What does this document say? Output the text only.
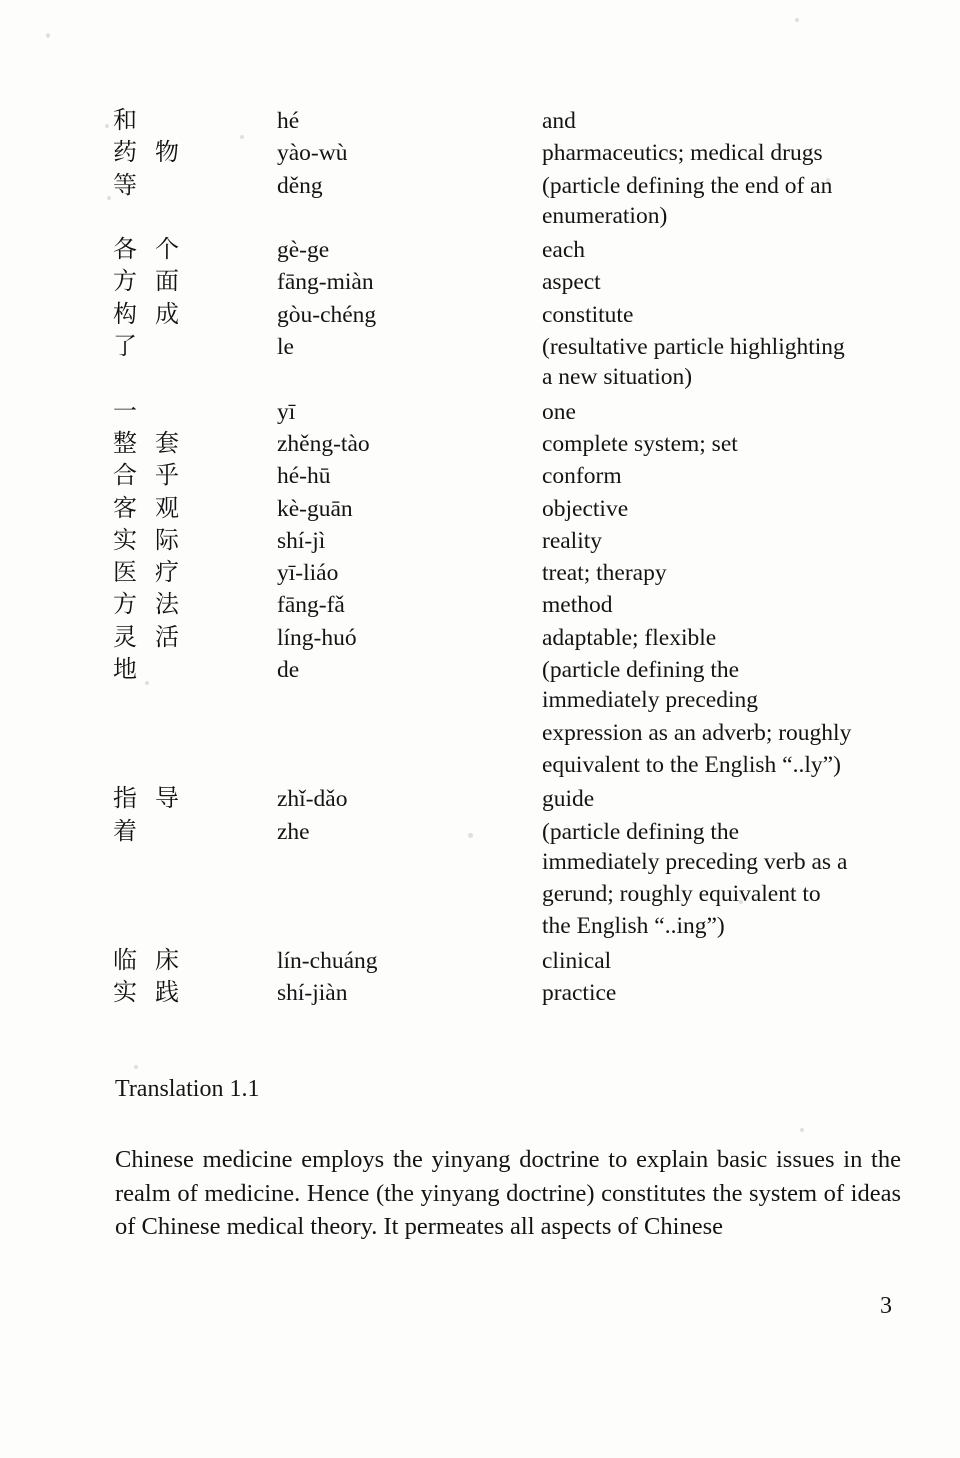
和	hé	and
药 物	yào-wù	pharmaceutics; medical drugs
等	děng	(particle defining the end of an
enumeration)
各 个	gè-ge	each
方 面	fāng-miàn	aspect
构 成	gòu-chéng	constitute
了	le	(resultative particle highlighting
a new situation)
一	yī	one
整 套	zhěng-tào	complete system; set
合 乎	hé-hū	conform
客 观	kè-guān	objective
实 际	shí-jì	reality
医 疗	yī-liáo	treat; therapy
方 法	fāng-fǎ	method
灵 活	líng-huó	adaptable; flexible
地	de	(particle defining the
immediately preceding
expression as an adverb; roughly
equivalent to the English “..ly”)
指 导	zhǐ-dǎo	guide
着	zhe	(particle defining the
immediately preceding verb as a
gerund; roughly equivalent to
the English “..ing”)
临 床	lín-chuáng	clinical
实 践	shí-jiàn	practice
Translation 1.1
Chinese medicine employs the yinyang doctrine to explain basic issues in the realm of medicine. Hence (the yinyang doctrine) constitutes the system of ideas of Chinese medical theory. It permeates all aspects of Chinese
3
